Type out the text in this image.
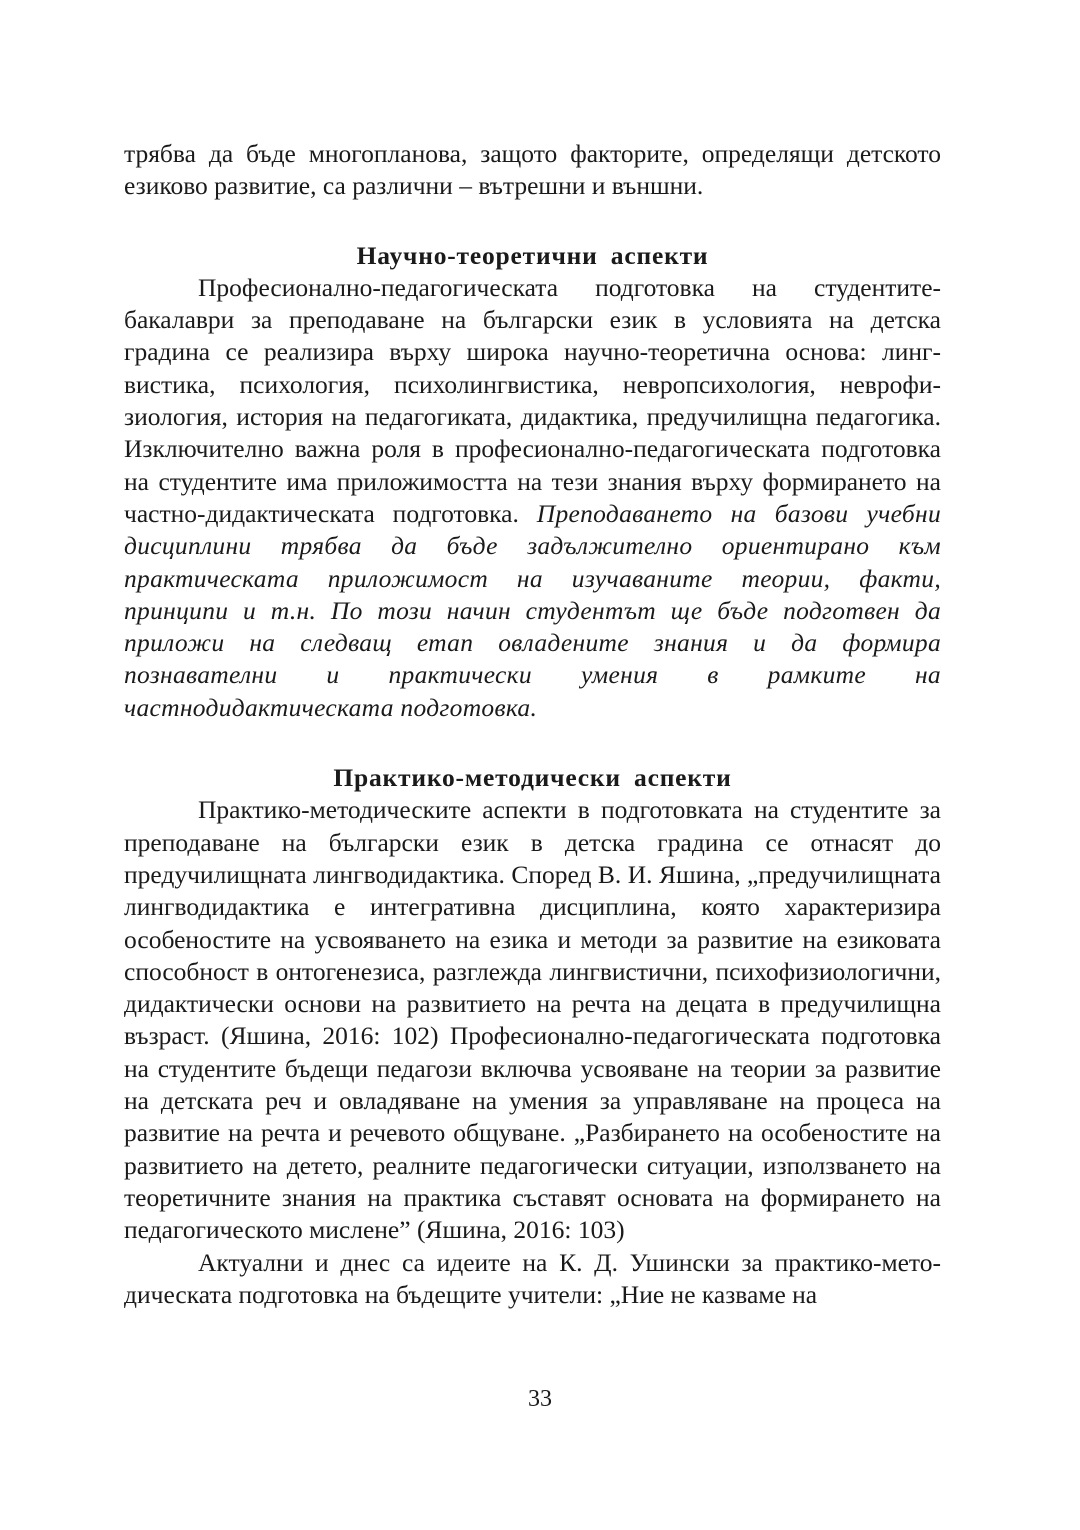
трябва да бъде многопланова, защото факторите, определящи детското езиково развитие, са различни – вътрешни и външни.

Научно-теоретични аспекти

Професионално-педагогическата подготовка на студентите-бакалаври за преподаване на български език в условията на детска градина се реализира върху широка научно-теоретична основа: лингвистика, психология, психолингвистика, невропсихология, неврофизиология, история на педагогиката, дидактика, предучилищна педагогика. Изключително важна роля в професионално-педагогическата подготовка на студентите има приложимостта на тези знания върху формирането на частно-дидактическата подготовка. Преподаването на базови учебни дисциплини трябва да бъде задължително ориентирано към практическата приложимост на изучаваните теории, факти, принципи и т.н. По този начин студентът ще бъде подготвен да приложи на следващ етап овладените знания и да формира познавателни и практически умения в рамките на частнодидактическата подготовка.

Практико-методически аспекти

Практико-методическите аспекти в подготовката на студентите за преподаване на български език в детска градина се отнасят до предучилищната лингводидактика. Според В. И. Яшина, „предучилищната лингводидактика е интегративна дисциплина, която характеризира особеностите на усвояването на езика и методи за развитие на езиковата способност в онтогенезиса, разглежда лингвистични, психофизиологични, дидактически основи на развитието на речта на децата в предучилищна възраст. (Яшина, 2016: 102) Професионално-педагогическата подготовка на студентите бъдещи педагози включва усвояване на теории за развитие на детската реч и овладяване на умения за управляване на процеса на развитие на речта и речевото общуване. „Разбирането на особеностите на развитието на детето, реалните педагогически ситуации, използването на теоретичните знания на практика съставят основата на формирането на педагогическото мислене” (Яшина, 2016: 103)

Актуални и днес са идеите на К. Д. Ушински за практико-методическата подготовка на бъдещите учители: „Ние не казваме на

33
